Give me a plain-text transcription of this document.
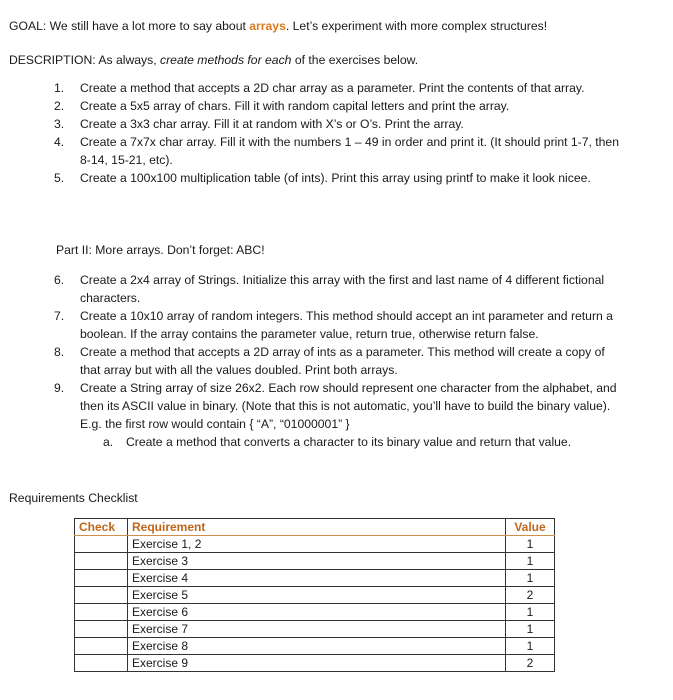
GOAL: We still have a lot more to say about arrays. Let’s experiment with more complex structures!
DESCRIPTION: As always, create methods for each of the exercises below.
1. Create a method that accepts a 2D char array as a parameter. Print the contents of that array.
2. Create a 5x5 array of chars. Fill it with random capital letters and print the array.
3. Create a 3x3 char array. Fill it at random with X’s or O’s. Print the array.
4. Create a 7x7x char array. Fill it with the numbers 1 – 49 in order and print it. (It should print 1-7, then 8-14, 15-21, etc).
5. Create a 100x100 multiplication table (of ints). Print this array using printf to make it look nicee.
Part II: More arrays. Don’t forget: ABC!
6. Create a 2x4 array of Strings. Initialize this array with the first and last name of 4 different fictional characters.
7. Create a 10x10 array of random integers. This method should accept an int parameter and return a boolean. If the array contains the parameter value, return true, otherwise return false.
8. Create a method that accepts a 2D array of ints as a parameter. This method will create a copy of that array but with all the values doubled. Print both arrays.
9. Create a String array of size 26x2. Each row should represent one character from the alphabet, and then its ASCII value in binary. (Note that this is not automatic, you’ll have to build the binary value). E.g. the first row would contain { “A”, “01000001” }
a. Create a method that converts a character to its binary value and return that value.
Requirements Checklist
Check	Requirement	Value
	Exercise 1, 2	1
	Exercise 3	1
	Exercise 4	1
	Exercise 5	2
	Exercise 6	1
	Exercise 7	1
	Exercise 8	1
	Exercise 9	2
